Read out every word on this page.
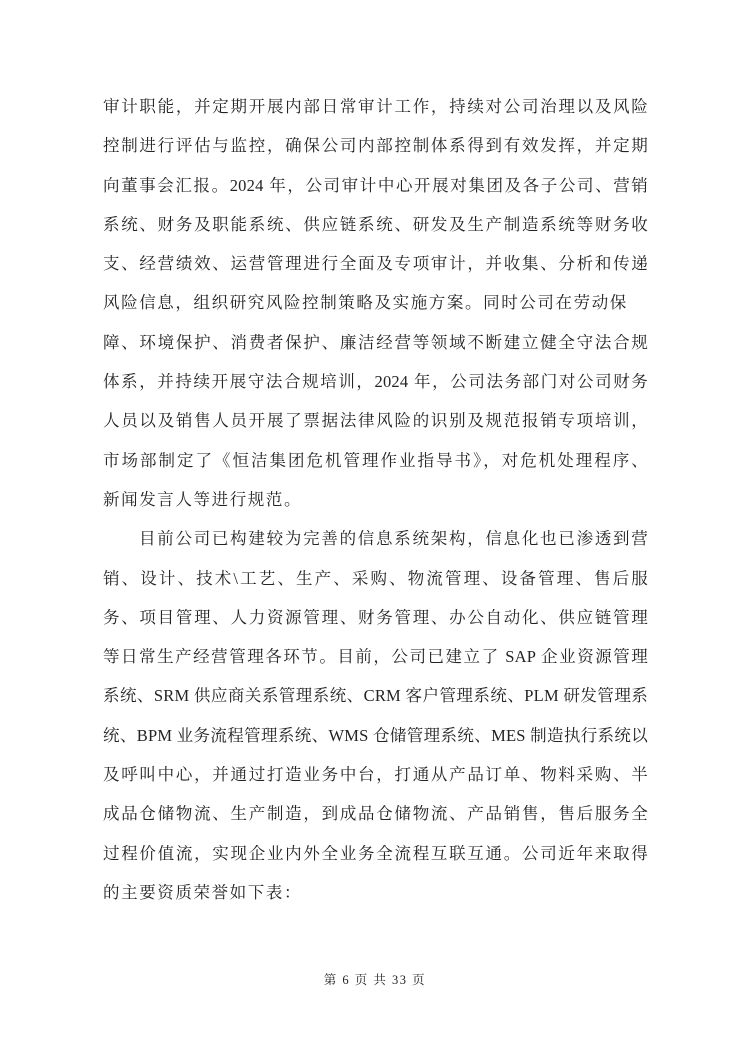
审计职能，并定期开展内部日常审计工作，持续对公司治理以及风险

控制进行评估与监控，确保公司内部控制体系得到有效发挥，并定期

向董事会汇报。2024 年，公司审计中心开展对集团及各子公司、营销

系统、财务及职能系统、供应链系统、研发及生产制造系统等财务收

支、经营绩效、运营管理进行全面及专项审计，并收集、分析和传递

风险信息，组织研究风险控制策略及实施方案。同时公司在劳动保

障、环境保护、消费者保护、廉洁经营等领域不断建立健全守法合规

体系，并持续开展守法合规培训，2024 年，公司法务部门对公司财务

人员以及销售人员开展了票据法律风险的识别及规范报销专项培训，

市场部制定了《恒洁集团危机管理作业指导书》，对危机处理程序、

新闻发言人等进行规范。

目前公司已构建较为完善的信息系统架构，信息化也已渗透到营

销、设计、技术\工艺、生产、采购、物流管理、设备管理、售后服

务、项目管理、人力资源管理、财务管理、办公自动化、供应链管理

等日常生产经营管理各环节。目前，公司已建立了 SAP 企业资源管理

系统、SRM 供应商关系管理系统、CRM 客户管理系统、PLM 研发管理系

统、BPM 业务流程管理系统、WMS 仓储管理系统、MES 制造执行系统以

及呼叫中心，并通过打造业务中台，打通从产品订单、物料采购、半

成品仓储物流、生产制造，到成品仓储物流、产品销售，售后服务全

过程价值流，实现企业内外全业务全流程互联互通。公司近年来取得

的主要资质荣誉如下表：

第 6 页 共 33 页
